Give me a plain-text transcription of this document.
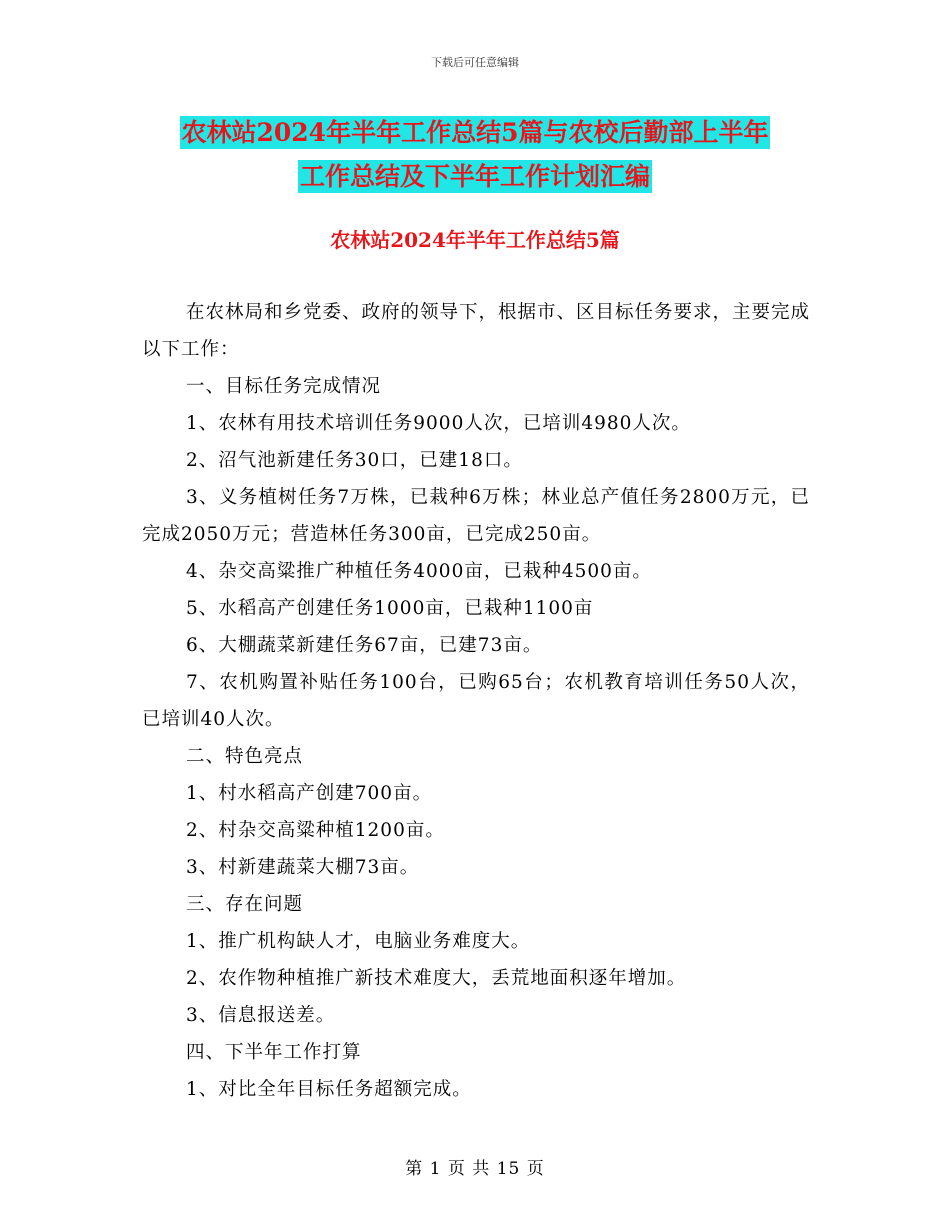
下载后可任意编辑
农林站2024年半年工作总结5篇与农校后勤部上半年
工作总结及下半年工作计划汇编
农林站2024年半年工作总结5篇

在农林局和乡党委、政府的领导下，根据市、区目标任务要求，主要完成以下工作：

一、目标任务完成情况

1、农林有用技术培训任务9000人次，已培训4980人次。

2、沼气池新建任务30口，已建18口。

3、义务植树任务7万株，已栽种6万株；林业总产值任务2800万元，已完成2050万元；营造林任务300亩，已完成250亩。

4、杂交高粱推广种植任务4000亩，已栽种4500亩。

5、水稻高产创建任务1000亩，已栽种1100亩

6、大棚蔬菜新建任务67亩，已建73亩。

7、农机购置补贴任务100台，已购65台；农机教育培训任务50人次，已培训40人次。

二、特色亮点

1、村水稻高产创建700亩。

2、村杂交高粱种植1200亩。

3、村新建蔬菜大棚73亩。

三、存在问题

1、推广机构缺人才，电脑业务难度大。

2、农作物种植推广新技术难度大，丢荒地面积逐年增加。

3、信息报送差。

四、下半年工作打算

1、对比全年目标任务超额完成。

第 1 页 共 15 页
